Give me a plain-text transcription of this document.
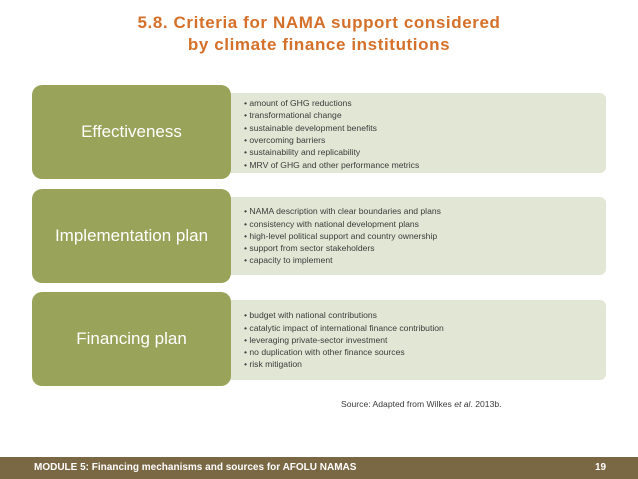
5.8. Criteria for NAMA support considered
by climate finance institutions
• amount of GHG reductions
• transformational change
• sustainable development benefits
• overcoming barriers
• sustainability and replicability
• MRV of GHG and other performance metrics
Effectiveness
• NAMA description with clear boundaries and plans
• consistency with national development plans
• high-level political support and country ownership
• support from sector stakeholders
• capacity to implement
Implementation plan
• budget with national contributions
• catalytic impact of international finance contribution
• leveraging private-sector investment
• no duplication with other finance sources
• risk mitigation
Financing plan
Source: Adapted from Wilkes et al. 2013b.
MODULE 5: Financing mechanisms and sources for AFOLU NAMAS	19
